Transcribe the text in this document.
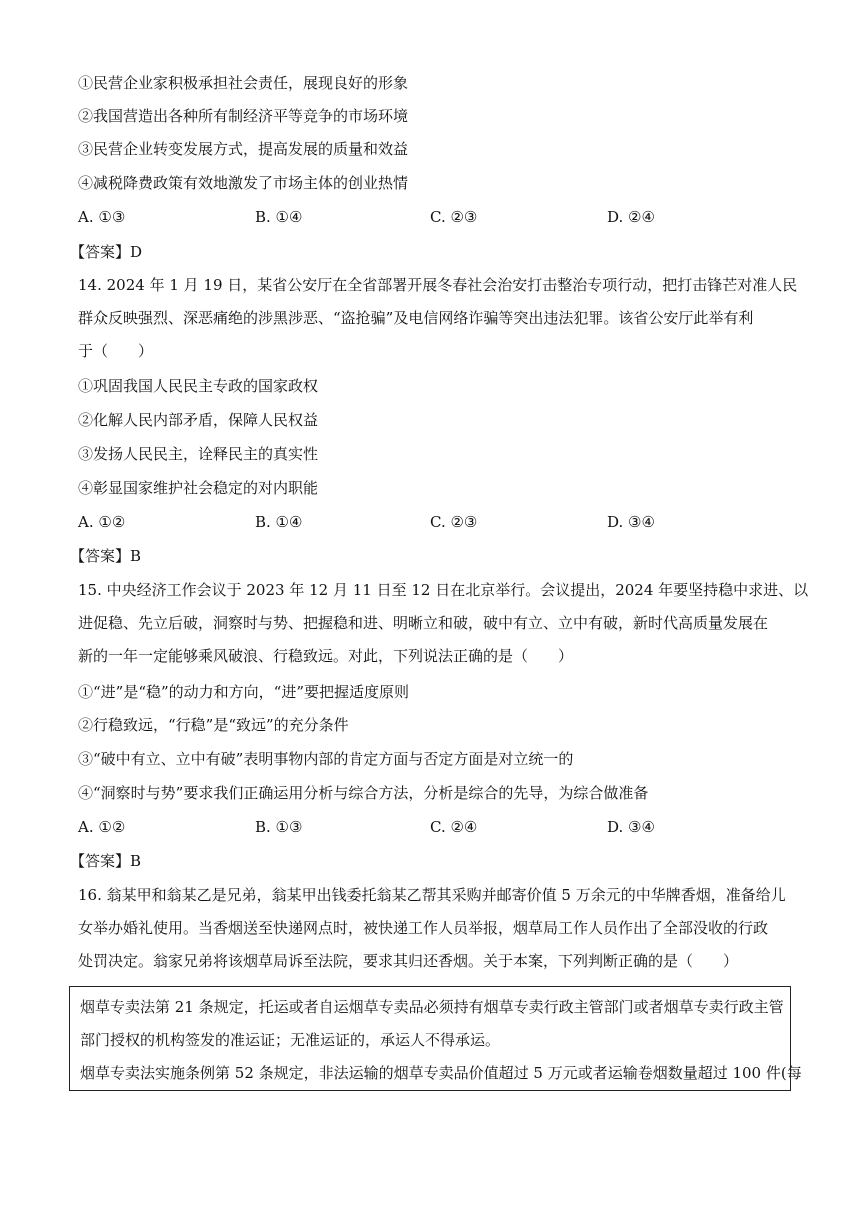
①民营企业家积极承担社会责任，展现良好的形象
②我国营造出各种所有制经济平等竞争的市场环境
③民营企业转变发展方式，提高发展的质量和效益
④减税降费政策有效地激发了市场主体的创业热情
A. ①③	B. ①④	C. ②③	D. ②④
【答案】D
14. 2024 年 1 月 19 日，某省公安厅在全省部署开展冬春社会治安打击整治专项行动，把打击锋芒对准人民
群众反映强烈、深恶痛绝的涉黑涉恶、“盗抢骗”及电信网络诈骗等突出违法犯罪。该省公安厅此举有利
于（　　）
①巩固我国人民民主专政的国家政权
②化解人民内部矛盾，保障人民权益
③发扬人民民主，诠释民主的真实性
④彰显国家维护社会稳定的对内职能
A. ①②	B. ①④	C. ②③	D. ③④
【答案】B
15. 中央经济工作会议于 2023 年 12 月 11 日至 12 日在北京举行。会议提出，2024 年要坚持稳中求进、以
进促稳、先立后破，洞察时与势、把握稳和进、明晰立和破，破中有立、立中有破，新时代高质量发展在
新的一年一定能够乘风破浪、行稳致远。对此，下列说法正确的是（　　）
①“进”是“稳”的动力和方向，“进”要把握适度原则
②行稳致远，“行稳”是“致远”的充分条件
③“破中有立、立中有破”表明事物内部的肯定方面与否定方面是对立统一的
④“洞察时与势”要求我们正确运用分析与综合方法，分析是综合的先导，为综合做准备
A. ①②	B. ①③	C. ②④	D. ③④
【答案】B
16. 翁某甲和翁某乙是兄弟，翁某甲出钱委托翁某乙帮其采购并邮寄价值 5 万余元的中华牌香烟，准备给儿
女举办婚礼使用。当香烟送至快递网点时，被快递工作人员举报，烟草局工作人员作出了全部没收的行政
处罚决定。翁家兄弟将该烟草局诉至法院，要求其归还香烟。关于本案，下列判断正确的是（　　）
烟草专卖法第 21 条规定，托运或者自运烟草专卖品必须持有烟草专卖行政主管部门或者烟草专卖行政主管
部门授权的机构签发的准运证；无准运证的，承运人不得承运。
烟草专卖法实施条例第 52 条规定，非法运输的烟草专卖品价值超过 5 万元或者运输卷烟数量超过 100 件(每
